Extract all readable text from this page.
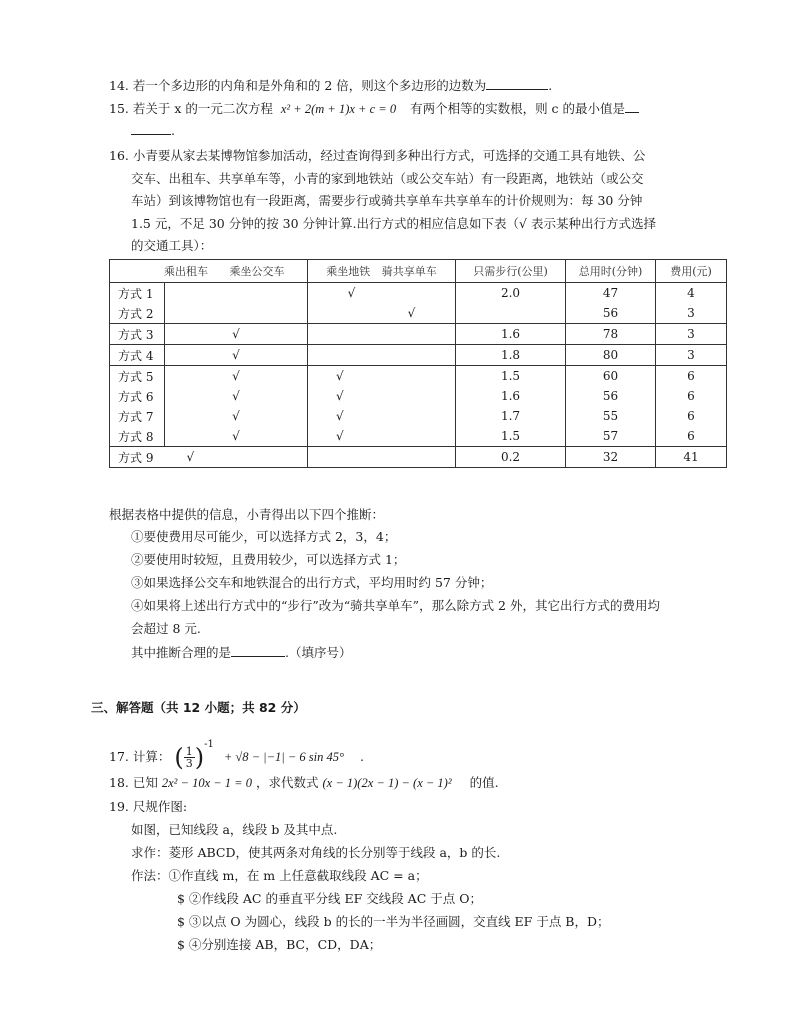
14. 若一个多边形的内角和是外角和的 2 倍，则这个多边形的边数为	.
15. 若关于 x 的一元二次方程 x² + 2(m + 1)x + c = 0 有两个相等的实数根，则 c 的最小值是
.
16. 小青要从家去某博物馆参加活动，经过查询得到多种出行方式，可选择的交通工具有地铁、公
交车、出租车、共享单车等，小青的家到地铁站（或公交车站）有一段距离，地铁站（或公交
车站）到该博物馆也有一段距离，需要步行或骑共享单车共享单车的计价规则为：每 30 分钟
1.5 元，不足 30 分钟的按 30 分钟计算.出行方式的相应信息如下表（√ 表示某种出行方式选择
的交通工具）：
乘出租车 乘坐公交车		乘坐地铁 骑共享单车	只需步行(公里)	总用时(分钟)	费用(元)
方式 1		√	2.0	47	4
方式 2		√		56	3
方式 3	√		1.6	78	3
方式 4	√		1.8	80	3
方式 5	√	√	1.5	60	6
方式 6	√	√	1.6	56	6
方式 7	√	√	1.7	55	6
方式 8	√	√	1.5	57	6
方式 9	√		0.2	32	41
根据表格中提供的信息，小青得出以下四个推断：
①要使费用尽可能少，可以选择方式 2，3，4；
②要使用时较短，且费用较少，可以选择方式 1；
③如果选择公交车和地铁混合的出行方式，平均用时约 57 分钟；
④如果将上述出行方式中的“步行”改为“骑共享单车”，那么除方式 2 外，其它出行方式的费用均
会超过 8 元.
其中推断合理的是	.（填序号）
三、解答题（共 12 小题；共 82 分）
17. 计算： ( $\frac{1}{3} )^{-1} + √8 - |-1| - 6$ sin 45° .
18. 已知 2x² − 10x − 1 = 0 ，求代数式 (x − 1)(2x − 1) − (x − 1)² 的值.
19. 尺规作图:
如图，已知线段 a，线段 b 及其中点.
求作：菱形 ABCD，使其两条对角线的长分别等于线段 a，b 的长.
作法：①作直线 m，在 m 上任意截取线段 AC = a；
$ ②作线段 AC 的垂直平分线 EF 交线段 AC 于点 O；
$ ③以点 O 为圆心，线段 b 的长的一半为半径画圆，交直线 EF 于点 B，D；
$ ④分别连接 AB，BC，CD，DA；
